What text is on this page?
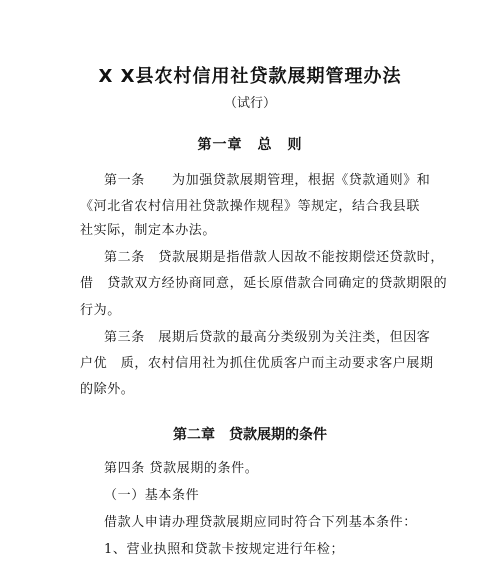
X X县农村信用社贷款展期管理办法
（试行）
第一章　总　则
第一条　　为加强贷款展期管理，根据《贷款通则》和
《河北省农村信用社贷款操作规程》等规定，结合我县联
社实际，制定本办法。
第二条　贷款展期是指借款人因故不能按期偿还贷款时，
借　贷款双方经协商同意，延长原借款合同确定的贷款期限的
行为。
第三条　展期后贷款的最高分类级别为关注类，但因客
户优　质，农村信用社为抓住优质客户而主动要求客户展期
的除外。
第二章　贷款展期的条件
第四条 贷款展期的条件。
（一）基本条件
借款人申请办理贷款展期应同时符合下列基本条件：
1、营业执照和贷款卡按规定进行年检；
